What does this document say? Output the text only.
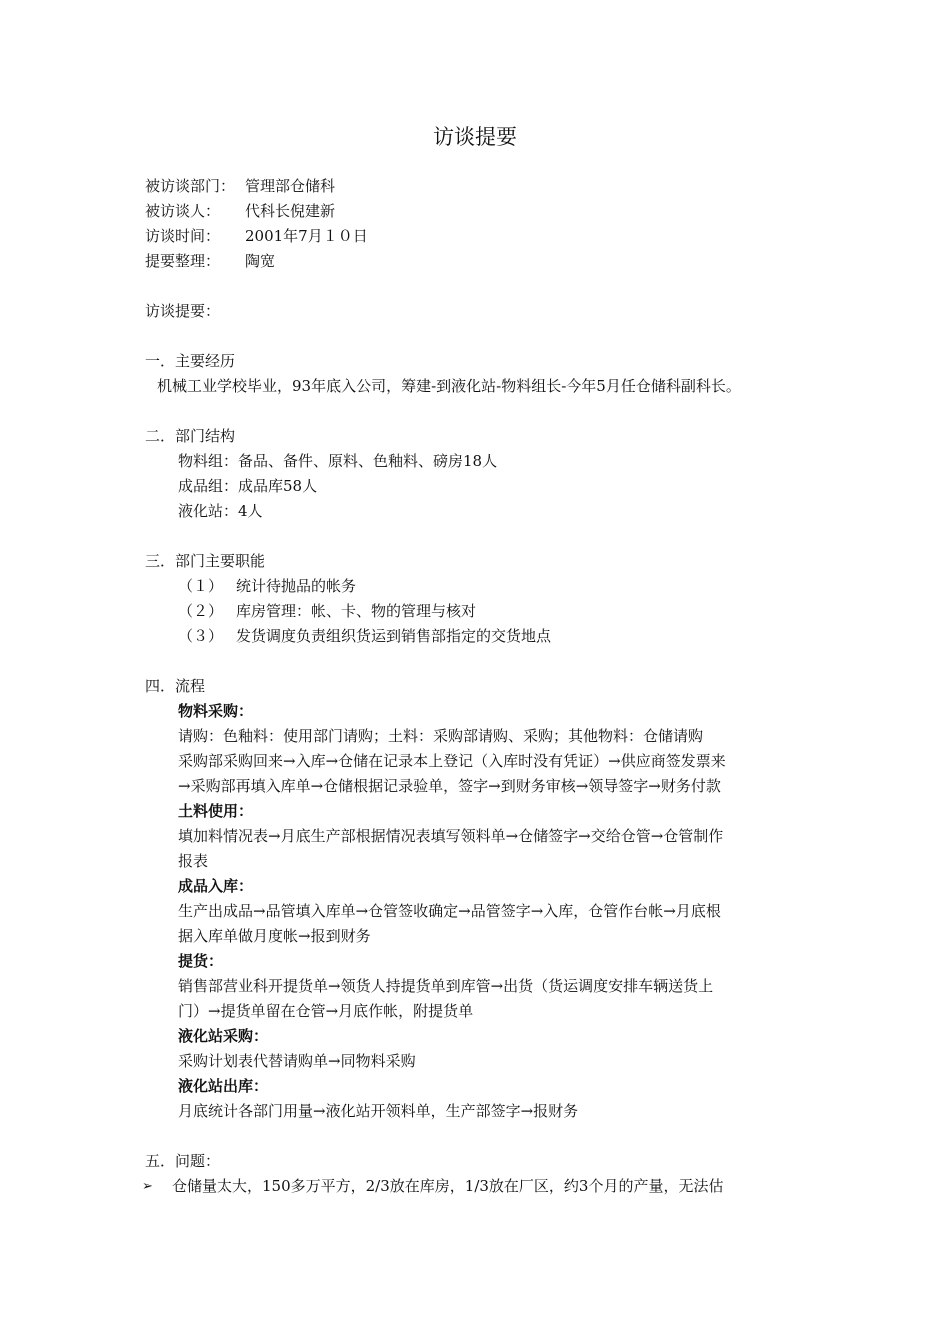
访谈提要
被访谈部门： 管理部仓储科
被访谈人： 代科长倪建新
访谈时间： 2001年7月１０日
提要整理： 陶宽
访谈提要：
一．主要经历
机械工业学校毕业，93年底入公司，筹建-到液化站-物料组长-今年5月任仓储科副科长。
二．部门结构
物料组：备品、备件、原料、色釉料、磅房18人
成品组：成品库58人
液化站：4人
三．部门主要职能
（１） 统计待抛品的帐务
（２） 库房管理：帐、卡、物的管理与核对
（３） 发货调度负责组织货运到销售部指定的交货地点
四．流程
物料采购：
请购：色釉料：使用部门请购；土料：采购部请购、采购；其他物料：仓储请购
采购部采购回来→入库→仓储在记录本上登记（入库时没有凭证）→供应商签发票来
→采购部再填入库单→仓储根据记录验单，签字→到财务审核→领导签字→财务付款
土料使用：
填加料情况表→月底生产部根据情况表填写领料单→仓储签字→交给仓管→仓管制作
报表
成品入库：
生产出成品→品管填入库单→仓管签收确定→品管签字→入库，仓管作台帐→月底根
据入库单做月度帐→报到财务
提货：
销售部营业科开提货单→领货人持提货单到库管→出货（货运调度安排车辆送货上
门）→提货单留在仓管→月底作帐，附提货单
液化站采购：
采购计划表代替请购单→同物料采购
液化站出库：
月底统计各部门用量→液化站开领料单，生产部签字→报财务
五．问题：
➢ 仓储量太大，150多万平方，2/3放在库房，1/3放在厂区，约3个月的产量，无法估
